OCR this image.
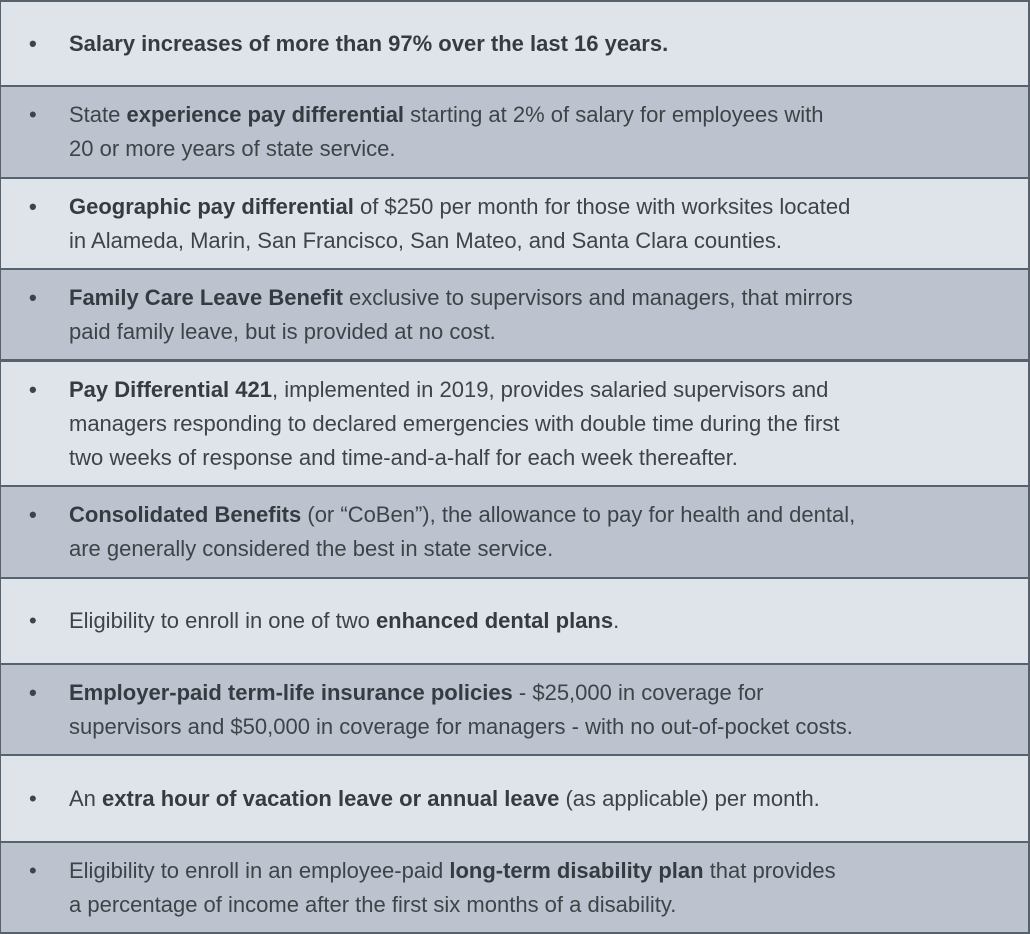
• Salary increases of more than 97% over the last 16 years.
• State experience pay differential starting at 2% of salary for employees with
20 or more years of state service.
• Geographic pay differential of $250 per month for those with worksites located
in Alameda, Marin, San Francisco, San Mateo, and Santa Clara counties.
• Family Care Leave Benefit exclusive to supervisors and managers, that mirrors
paid family leave, but is provided at no cost.
• Pay Differential 421, implemented in 2019, provides salaried supervisors and
managers responding to declared emergencies with double time during the first
two weeks of response and time-and-a-half for each week thereafter.
• Consolidated Benefits (or “CoBen”), the allowance to pay for health and dental,
are generally considered the best in state service.
• Eligibility to enroll in one of two enhanced dental plans.
• Employer-paid term-life insurance policies - $25,000 in coverage for
supervisors and $50,000 in coverage for managers - with no out-of-pocket costs.
• An extra hour of vacation leave or annual leave (as applicable) per month.
• Eligibility to enroll in an employee-paid long-term disability plan that provides
a percentage of income after the first six months of a disability.
